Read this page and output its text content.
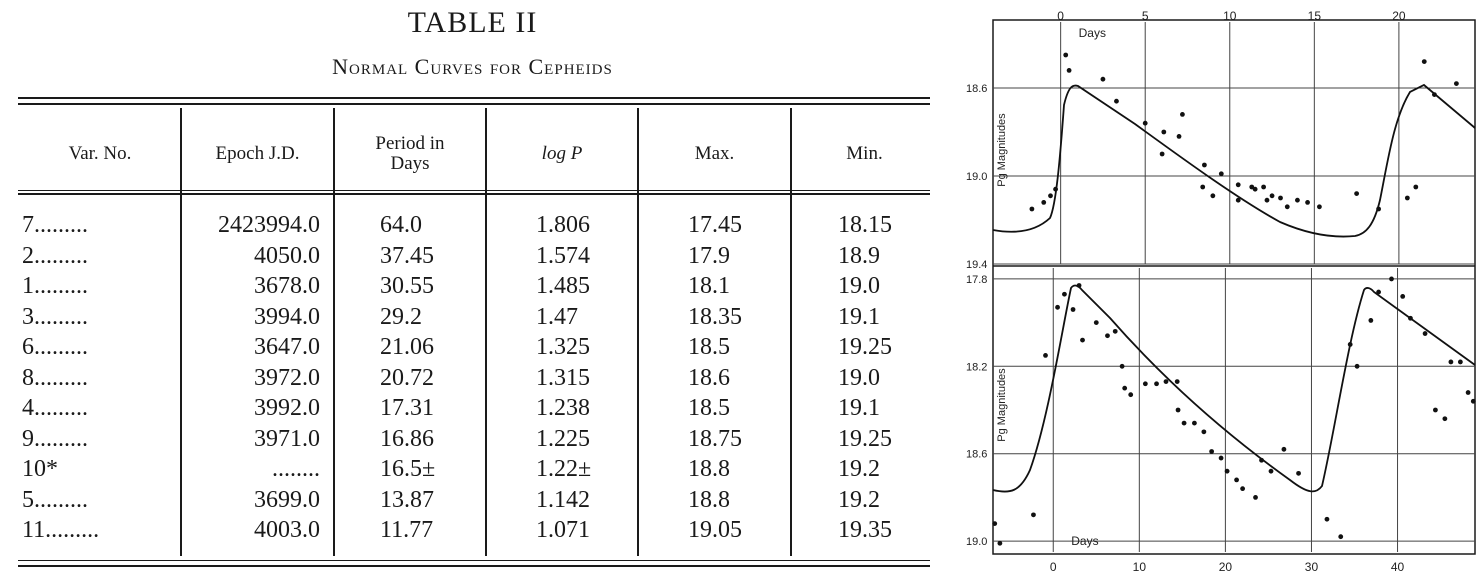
TABLE II
Normal Curves for Cepheids
Var. No.	Epoch J.D.	Period in
Days	log P	Max.	Min.
7.........	2423994.0	64.0	1.806	17.45	18.15
2.........	4050.0	37.45	1.574	17.9	18.9
1.........	3678.0	30.55	1.485	18.1	19.0
3.........	3994.0	29.2	1.47	18.35	19.1
6.........	3647.0	21.06	1.325	18.5	19.25
8.........	3972.0	20.72	1.315	18.6	19.0
4.........	3992.0	17.31	1.238	18.5	19.1
9.........	3971.0	16.86	1.225	18.75	19.25
10*	........	16.5±	1.22±	18.8	19.2
5.........	3699.0	13.87	1.142	18.8	19.2
11.........	4003.0	11.77	1.071	19.05	19.35
0	5	10	15	20
18.6
19.0
19.4
Days
Pg Magnitudes
0	10	20	30	40
17.8
18.2
18.6
19.0	Days
Pg Magnitudes
